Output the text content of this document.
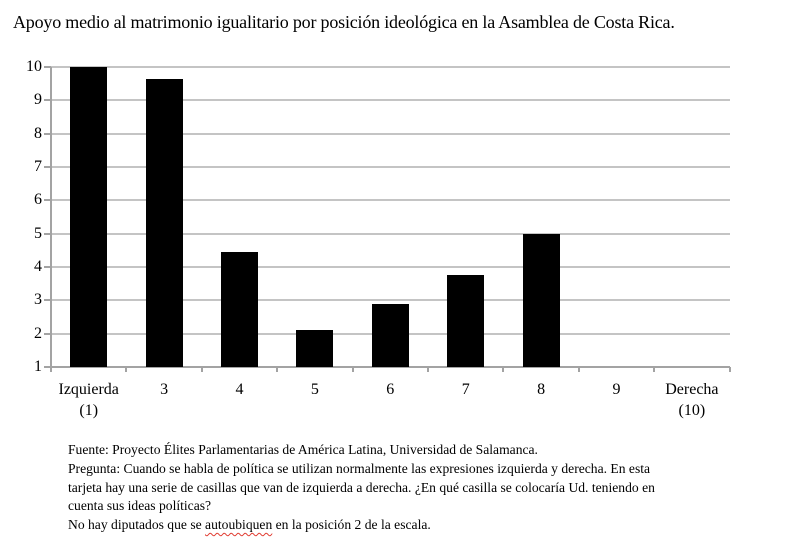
Apoyo medio al matrimonio igualitario por posición ideológica en la Asamblea de Costa Rica.
1
2
3
4
5
6
7
8
9
10
Izquierda
(1)
3	4	5	6	7	8	9	Derecha
(10)
Fuente: Proyecto Élites Parlamentarias de América Latina, Universidad de Salamanca.
Pregunta: Cuando se habla de política se utilizan normalmente las expresiones izquierda y derecha. En esta
tarjeta hay una serie de casillas que van de izquierda a derecha. ¿En qué casilla se colocaría Ud. teniendo en
cuenta sus ideas políticas?
No hay diputados que se autoubiquen en la posición 2 de la escala.
